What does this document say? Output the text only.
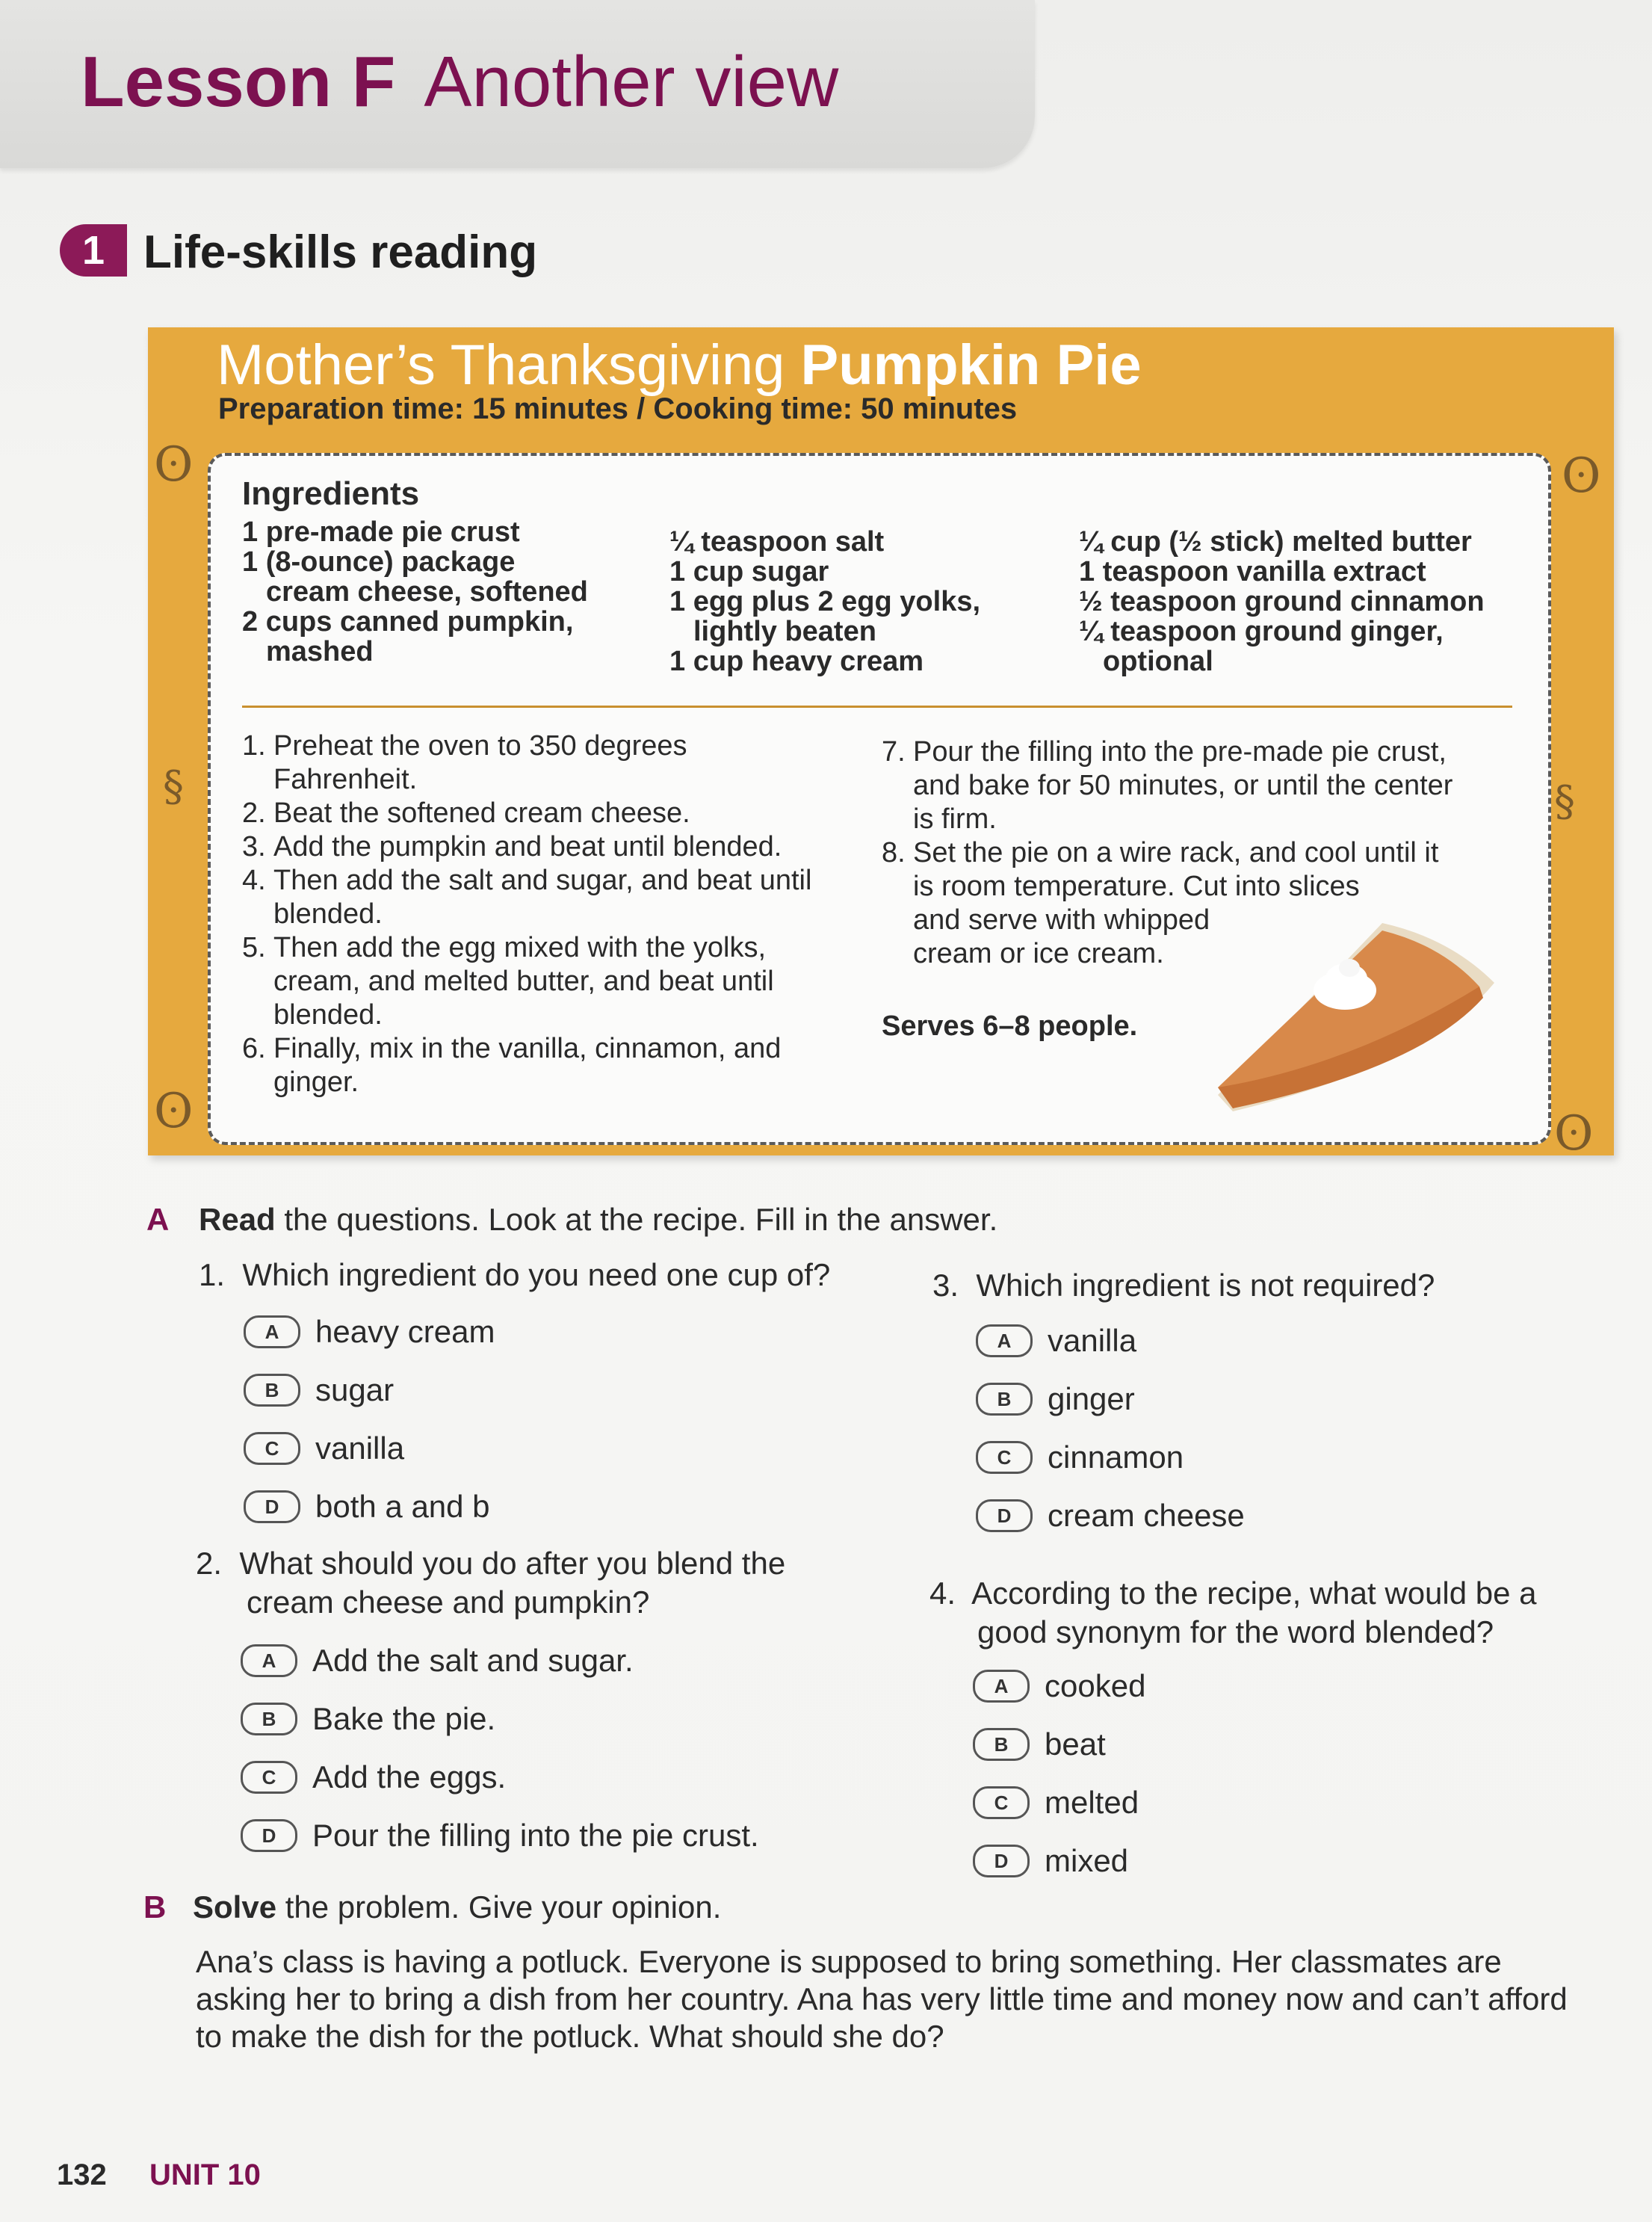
Lesson F Another view
1 Life-skills reading
Mother’s Thanksgiving Pumpkin Pie
Preparation time: 15 minutes / Cooking time: 50 minutes
ʘ
§
ʘ
ʘ
§
ʘ
Ingredients
1 pre-made pie crust
1 (8-ounce) package
cream cheese, softened
2 cups canned pumpkin,
mashed
¼ teaspoon salt
1 cup sugar
1 egg plus 2 egg yolks,
lightly beaten
1 cup heavy cream
¼ cup (½ stick) melted butter
1 teaspoon vanilla extract
½ teaspoon ground cinnamon
¼ teaspoon ground ginger,
optional
1. Preheat the oven to 350 degrees
Fahrenheit.
2. Beat the softened cream cheese.
3. Add the pumpkin and beat until blended.
4. Then add the salt and sugar, and beat until
blended.
5. Then add the egg mixed with the yolks,
cream, and melted butter, and beat until
blended.
6. Finally, mix in the vanilla, cinnamon, and
ginger.
7. Pour the filling into the pre-made pie crust,
and bake for 50 minutes, or until the center
is firm.
8. Set the pie on a wire rack, and cool until it
is room temperature. Cut into slices
and serve with whipped
cream or ice cream.
Serves 6–8 people.
A Read the questions. Look at the recipe. Fill in the answer.
1. Which ingredient do you need one cup of?
A	heavy cream
B	sugar
C	vanilla
D	both a and b
2. What should you do after you blend the
cream cheese and pumpkin?
A	Add the salt and sugar.
B	Bake the pie.
C	Add the eggs.
D	Pour the filling into the pie crust.
3. Which ingredient is not required?
A	vanilla
B	ginger
C	cinnamon
D	cream cheese
4. According to the recipe, what would be a
good synonym for the word blended?
A	cooked
B	beat
C	melted
D	mixed
B Solve the problem. Give your opinion.
Ana’s class is having a potluck. Everyone is supposed to bring something. Her classmates are asking her to bring a dish from her country. Ana has very little time and money now and can’t afford to make the dish for the potluck. What should she do?
132 UNIT 10
